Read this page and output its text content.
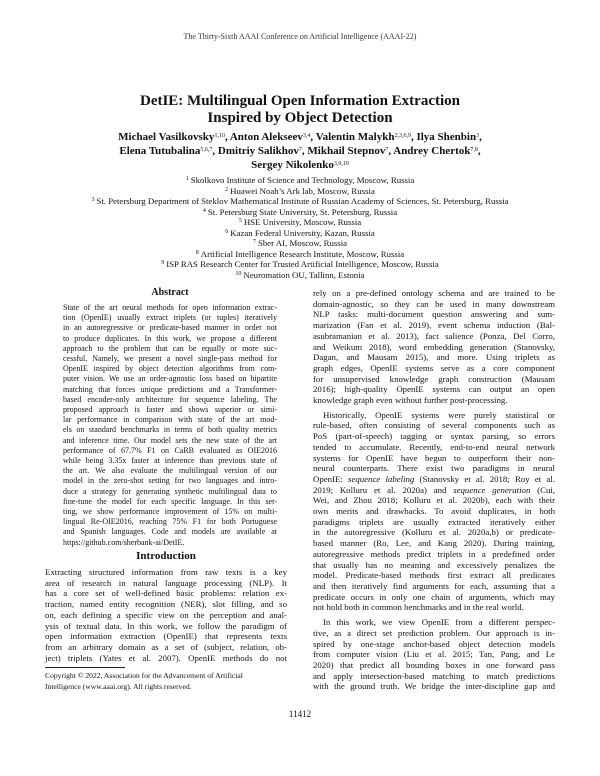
The Thirty-Sixth AAAI Conference on Artificial Intelligence (AAAI-22)
DetIE: Multilingual Open Information Extraction
Inspired by Object Detection
Michael Vasilkovsky$^{1,10}$, Anton Alekseev$^{3,4}$, Valentin Malykh$^{2,3,6,9}$, Ilya Shenbin$^3$,
Elena Tutubalina$^{5,6,7}$, Dmitriy Salikhov$^7$, Mikhail Stepnov$^7$, Andrey Chertok$^{7,8}$,
Sergey Nikolenko$^{3,9,10}$
$^1$ Skolkovo Institute of Science and Technology, Moscow, Russia
$^2$ Huawei Noah’s Ark lab, Moscow, Russia
$^3$ St. Petersburg Department of Steklov Mathematical Institute of Russian Academy of Sciences, St. Petersburg, Russia
$^4$ St. Petersburg State University, St. Petersburg, Russia
$^5$ HSE University, Moscow, Russia
$^6$ Kazan Federal University, Kazan, Russia
$^7$ Sber AI, Moscow, Russia
$^8$ Artificial Intelligence Research Institute, Moscow, Russia
$^9$ ISP RAS Research Center for Trusted Artificial Intelligence, Moscow, Russia
$^{10}$ Neuromation OU, Tallinn, Estonia
Abstract
State of the art neural methods for open information extrac-
tion (OpenIE) usually extract triplets (or tuples) iteratively
in an autoregressive or predicate-based manner in order not
to produce duplicates. In this work, we propose a different
approach to the problem that can be equally or more suc-
cessful. Namely, we present a novel single-pass method for
OpenIE inspired by object detection algorithms from com-
puter vision. We use an order-agnostic loss based on bipartite
matching that forces unique predictions and a Transformer-
based encoder-only architecture for sequence labeling. The
proposed approach is faster and shows superior or simi-
lar performance in comparison with state of the art mod-
els on standard benchmarks in terms of both quality metrics
and inference time. Our model sets the new state of the art
performance of 67.7% F1 on CaRB evaluated as OIE2016
while being 3.35x faster at inference than previous state of
the art. We also evaluate the multilingual version of our
model in the zero-shot setting for two languages and intro-
duce a strategy for generating synthetic multilingual data to
fine-tune the model for each specific language. In this set-
ting, we show performance improvement of 15% on multi-
lingual Re-OIE2016, reaching 75% F1 for both Portuguese
and Spanish languages. Code and models are available at
https://github.com/sherbank-ai/DetIE.
Introduction
Extracting structured information from raw texts is a key
area of research in natural language processing (NLP). It
has a core set of well-defined basic problems: relation ex-
traction, named entity recognition (NER), slot filling, and so
on, each defining a specific view on the perception and anal-
ysis of textual data. In this work, we follow the paradigm of
open information extraction (OpenIE) that represents texts
from an arbitrary domain as a set of (subject, relation, ob-
ject) triplets (Yates et al. 2007). OpenIE methods do not
rely on a pre-defined ontology schema and are trained to be
domain-agnostic, so they can be used in many downstream
NLP tasks: multi-document question answering and sum-
marization (Fan et al. 2019), event schema induction (Bal-
asubramanian et al. 2013), fact salience (Ponza, Del Corro,
and Weikum 2018), word embedding generation (Stanovsky,
Dagan, and Mausam 2015), and more. Using triplets as
graph edges, OpenIE systems serve as a core component
for unsupervised knowledge graph construction (Mausam
2016); high-quality OpenIE systems can output an open
knowledge graph even without further post-processing.
Historically, OpenIE systems were purely statistical or
rule-based, often consisting of several components such as
PoS (part-of-speech) tagging or syntax parsing, so errors
tended to accumulate. Recently, end-to-end neural network
systems for OpenIE have begun to outperform their non-
neural counterparts. There exist two paradigms in neural
OpenIE: sequence labeling (Stanovsky et al. 2018; Roy et al.
2019; Kolluru et al. 2020a) and sequence generation (Cui,
Wei, and Zhou 2018; Kolluru et al. 2020b), each with their
own merits and drawbacks. To avoid duplicates, in both
paradigms triplets are usually extracted iteratively either
in the autoregressive (Kolluru et al. 2020a,b) or predicate-
based manner (Ro, Lee, and Kang 2020). During training,
autoregressive methods predict triplets in a predefined order
that usually has no meaning and excessively penalizes the
model. Predicate-based methods first extract all predicates
and then iteratively find arguments for each, assuming that a
predicate occurs in only one chain of arguments, which may
not hold both in common benchmarks and in the real world.
In this work, we view OpenIE from a different perspec-
tive, as a direct set prediction problem. Our approach is in-
spired by one-stage anchor-based object detection models
from computer vision (Liu et al. 2015; Tan, Pang, and Le
2020) that predict all bounding boxes in one forward pass
and apply intersection-based matching to match predictions
with the ground truth. We bridge the inter-discipline gap and
Copyright © 2022, Association for the Advancement of Artificial
Intelligence (www.aaai.org). All rights reserved.
11412
